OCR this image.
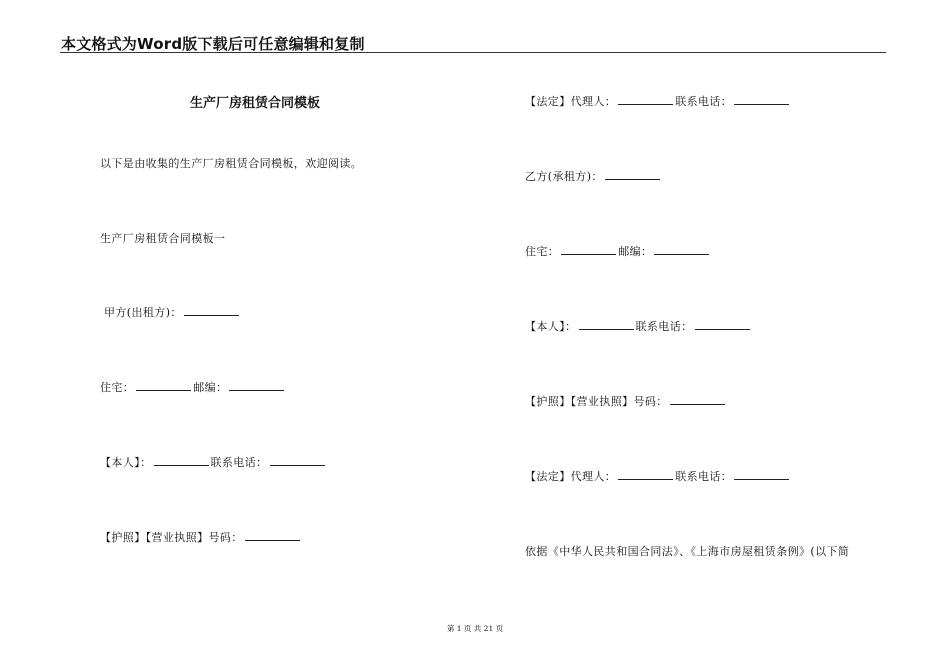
本文格式为Word版下载后可任意编辑和复制
生产厂房租赁合同模板
以下是由收集的生产厂房租赁合同模板，欢迎阅读。
生产厂房租赁合同模板一
甲方(出租方)：
住宅：	邮编：
【本人】：	联系电话：
【护照】【营业执照】号码：
【法定】代理人：	联系电话：
乙方(承租方)：
住宅：	邮编：
【本人】：	联系电话：
【护照】【营业执照】号码：
【法定】代理人：	联系电话：
依据《中华人民共和国合同法》、《上海市房屋租赁条例》(以下简
第 1 页 共 21 页
